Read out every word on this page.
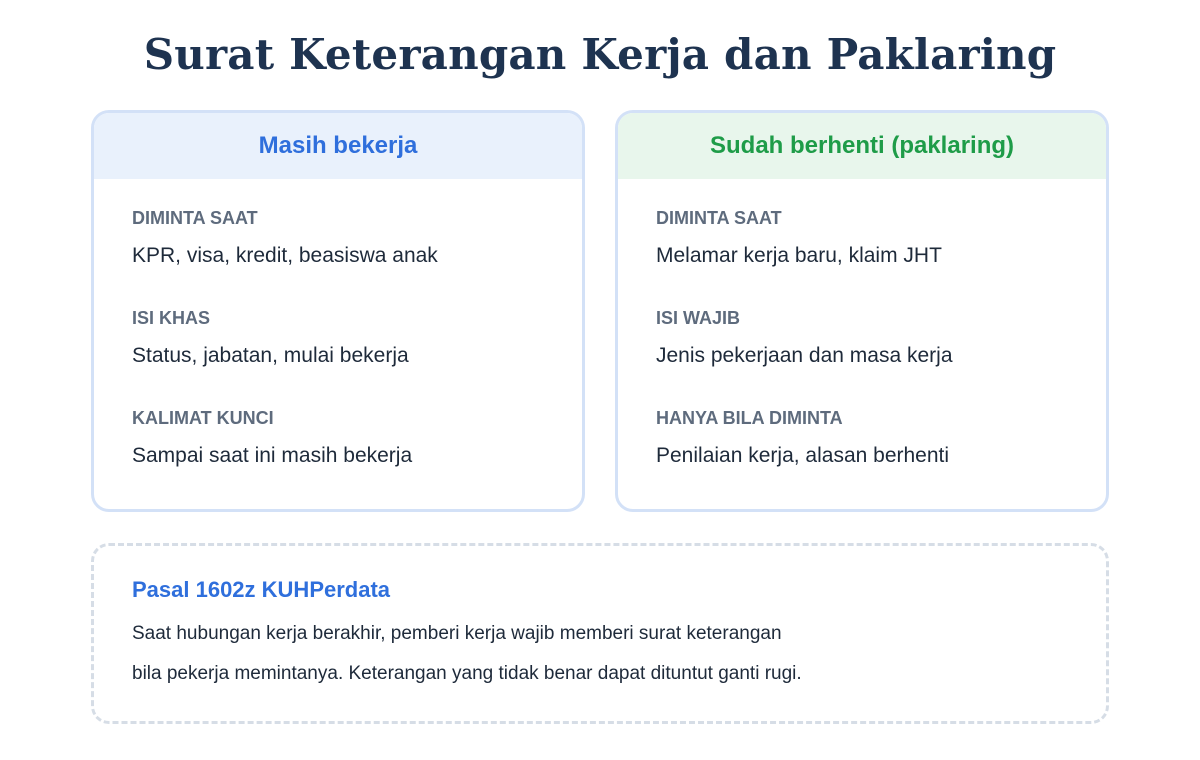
Surat Keterangan Kerja dan Paklaring
Masih bekerja
DIMINTA SAAT
KPR, visa, kredit, beasiswa anak
ISI KHAS
Status, jabatan, mulai bekerja
KALIMAT KUNCI
Sampai saat ini masih bekerja
Sudah berhenti (paklaring)
DIMINTA SAAT
Melamar kerja baru, klaim JHT
ISI WAJIB
Jenis pekerjaan dan masa kerja
HANYA BILA DIMINTA
Penilaian kerja, alasan berhenti
Pasal 1602z KUHPerdata
Saat hubungan kerja berakhir, pemberi kerja wajib memberi surat keterangan
bila pekerja memintanya. Keterangan yang tidak benar dapat dituntut ganti rugi.
